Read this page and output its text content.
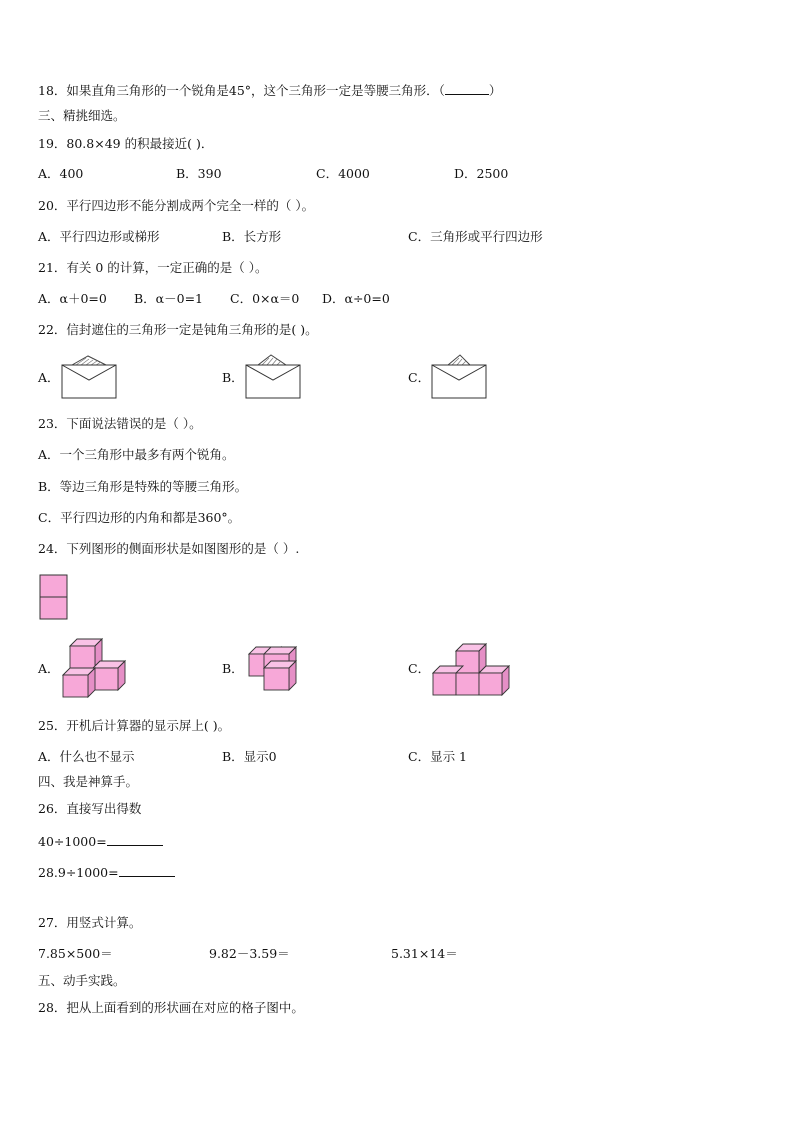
18．如果直角三角形的一个锐角是45°，这个三角形一定是等腰三角形．（	）
三、精挑细选。
19．80.8×49 的积最接近( )．
A．400	B．390	C．4000	D．2500
20．平行四边形不能分割成两个完全一样的（ ）。
A．平行四边形或梯形	B．长方形	C．三角形或平行四边形
21．有关 0 的计算，一定正确的是（ ）。
A．α＋0=0 B．α－0=1 C．0×α＝0 D．α÷0=0
22．信封遮住的三角形一定是钝角三角形的是( )。
A．	B．	C．
23．下面说法错误的是（ ）。
A．一个三角形中最多有两个锐角。
B．等边三角形是特殊的等腰三角形。
C．平行四边形的内角和都是360°。
24．下列图形的侧面形状是如图图形的是（ ）.
A．	B．	C．
25．开机后计算器的显示屏上( )。
A．什么也不显示	B．显示0	C．显示 1
四、我是神算手。
26．直接写出得数
40÷1000=
28.9÷1000=
27．用竖式计算。
7.85×500＝	9.82－3.59＝	5.31×14＝
五、动手实践。
28．把从上面看到的形状画在对应的格子图中。
